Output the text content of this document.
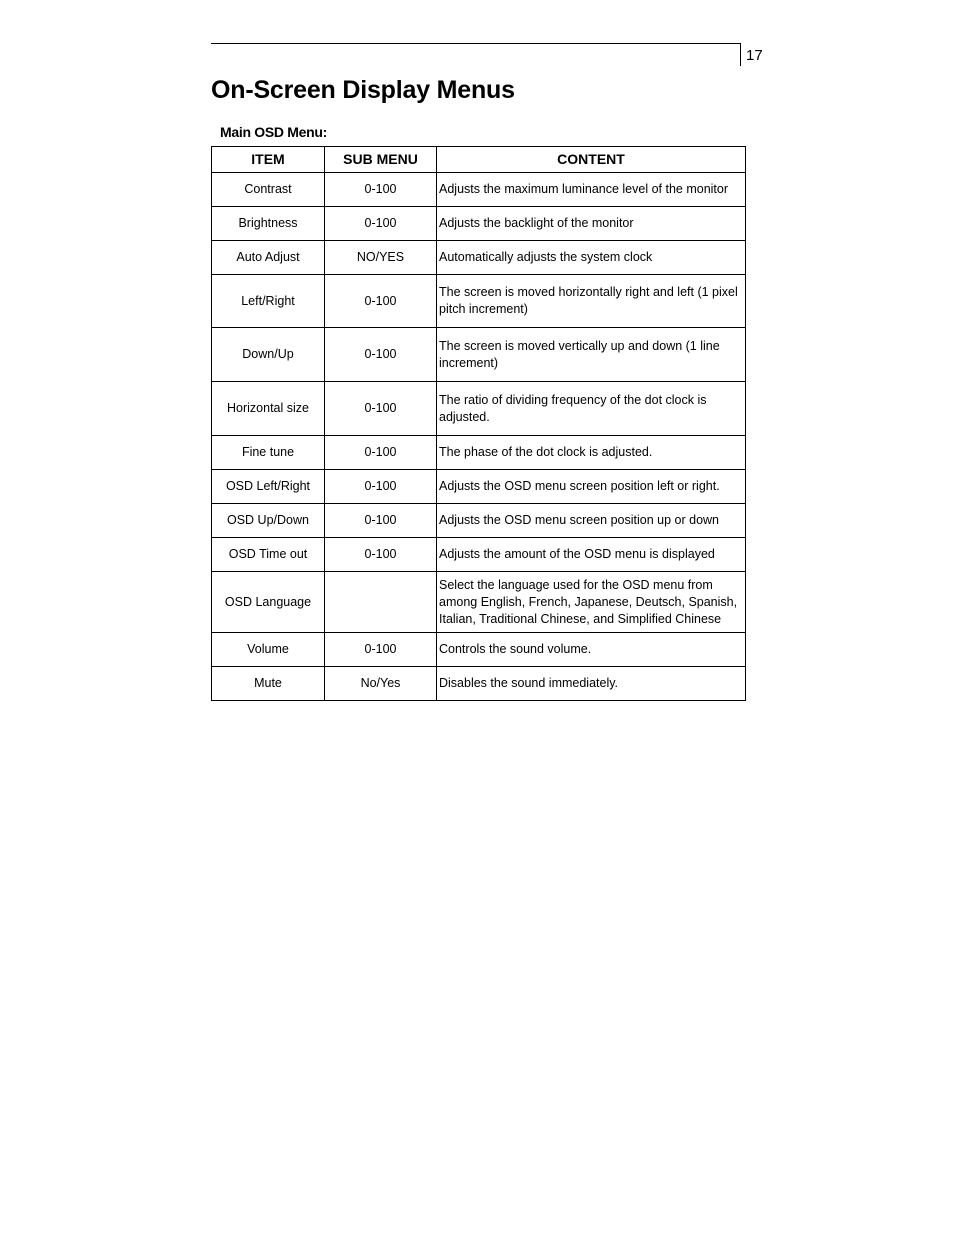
17
On-Screen Display Menus
Main OSD Menu:
ITEM	SUB MENU	CONTENT
Contrast	0-100	Adjusts the maximum luminance level of the monitor
Brightness	0-100	Adjusts the backlight of the monitor
Auto Adjust	NO/YES	Automatically adjusts the system clock
Left/Right	0-100	The screen is moved horizontally right and left (1 pixel pitch increment)
Down/Up	0-100	The screen is moved vertically up and down (1 line increment)
Horizontal size	0-100	The ratio of dividing frequency of the dot clock is adjusted.
Fine tune	0-100	The phase of the dot clock is adjusted.
OSD Left/Right	0-100	Adjusts the OSD menu screen position left or right.
OSD Up/Down	0-100	Adjusts the OSD menu screen position up or down
OSD Time out	0-100	Adjusts the amount of the OSD menu is displayed
OSD Language		Select the language used for the OSD menu from among English, French, Japanese, Deutsch, Spanish, Italian, Traditional Chinese, and Simplified Chinese
Volume	0-100	Controls the sound volume.
Mute	No/Yes	Disables the sound immediately.
